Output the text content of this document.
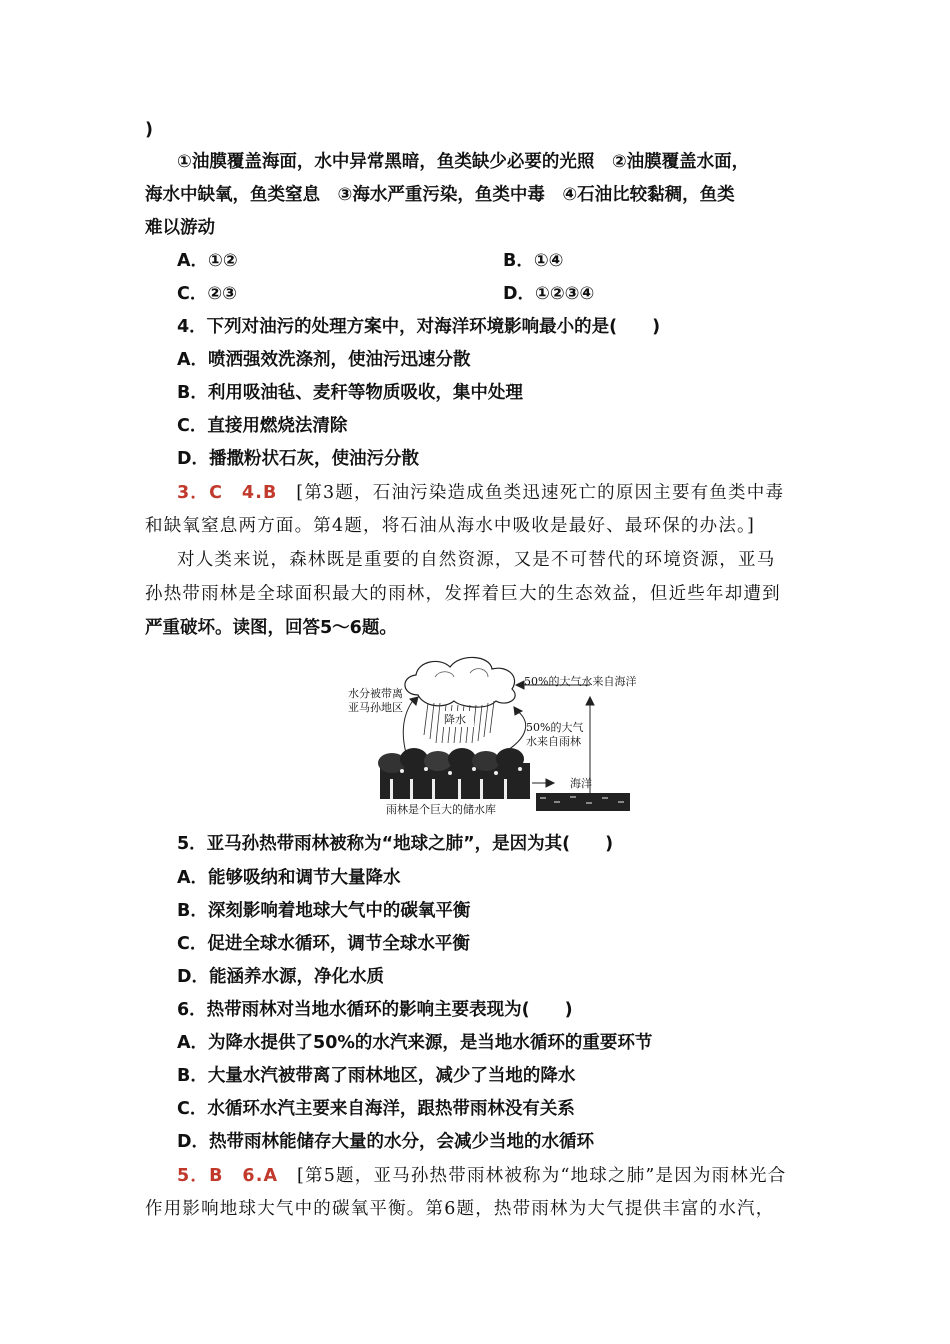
)
①油膜覆盖海面，水中异常黑暗，鱼类缺少必要的光照　②油膜覆盖水面，
海水中缺氧，鱼类窒息　③海水严重污染，鱼类中毒　④石油比较黏稠，鱼类
难以游动
A．①②	B．①④
C．②③	D．①②③④
4．下列对油污的处理方案中，对海洋环境影响最小的是(　　)
A．喷洒强效洗涤剂，使油污迅速分散
B．利用吸油毡、麦秆等物质吸收，集中处理
C．直接用燃烧法清除
D．播撒粉状石灰，使油污分散
3．C　4.B　 [第3题，石油污染造成鱼类迅速死亡的原因主要有鱼类中毒
和缺氧窒息两方面。第4题，将石油从海水中吸收是最好、最环保的办法。]
对人类来说，森林既是重要的自然资源，又是不可替代的环境资源，亚马
孙热带雨林是全球面积最大的雨林，发挥着巨大的生态效益，但近些年却遭到
严重破坏。读图，回答5～6题。
50%的大气水来自海洋
水分被带离
亚马孙地区
降水
50%的大气
水来自雨林
海洋
雨林是个巨大的储水库
5．亚马孙热带雨林被称为“地球之肺”，是因为其(　　)
A．能够吸纳和调节大量降水
B．深刻影响着地球大气中的碳氧平衡
C．促进全球水循环，调节全球水平衡
D．能涵养水源，净化水质
6．热带雨林对当地水循环的影响主要表现为(　　)
A．为降水提供了50%的水汽来源，是当地水循环的重要环节
B．大量水汽被带离了雨林地区，减少了当地的降水
C．水循环水汽主要来自海洋，跟热带雨林没有关系
D．热带雨林能储存大量的水分，会减少当地的水循环
5．B　6.A　 [第5题，亚马孙热带雨林被称为“地球之肺”是因为雨林光合
作用影响地球大气中的碳氧平衡。第6题，热带雨林为大气提供丰富的水汽，
